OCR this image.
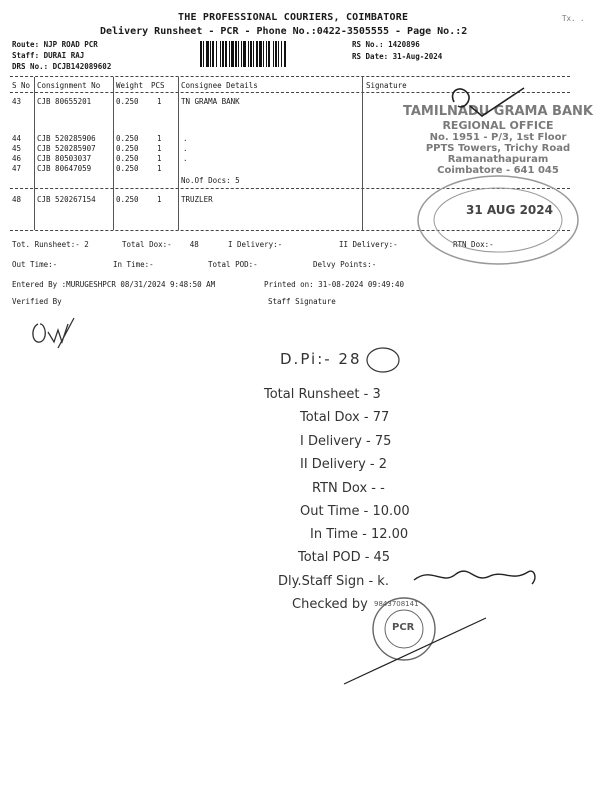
Tx. .
THE PROFESSIONAL COURIERS, COIMBATORE
Delivery Runsheet - PCR - Phone No.:0422-3505555 - Page No.:2
Route: NJP ROAD PCR
Staff: DURAI RAJ
DRS No.: DCJB142089602
RS No.: 1420896
RS Date: 31-Aug-2024
S No Consignment No Weight PCS Consignee Details	Signature
43 CJB 80655201	0.250 1	TN GRAMA BANK
44 CJB 520285906	0.250 1	.
45 CJB 520285907	0.250 1	.
46 CJB 80503037	0.250 1	.
47 CJB 80647059	0.250 1
No.Of Docs: 5
48 CJB 520267154	0.250 1	TRUZLER
Tot. Runsheet:- 2	Total Dox:-    48	I Delivery:-	II Delivery:-	RTN Dox:-
Out Time:-	In Time:-	Total POD:-	Delvy Points:-
Entered By :MURUGESHPCR 08/31/2024 9:48:50 AM	Printed on: 31-08-2024 09:49:40
Verified By	Staff Signature
TAMILNADU GRAMA BANK
REGIONAL OFFICE
No. 1951 - P/3, 1st Floor
PPTS Towers, Trichy Road
Ramanathapuram
Coimbatore - 641 045
31 AUG 2024
D.Pi:- 28
Total Runsheet - 3
Total Dox - 77
I Delivery - 75
II Delivery - 2
RTN Dox - -
Out Time - 10.00
In Time - 12.00
Total POD - 45
Dly.Staff Sign - k.
Checked by
PCR
9843708141
